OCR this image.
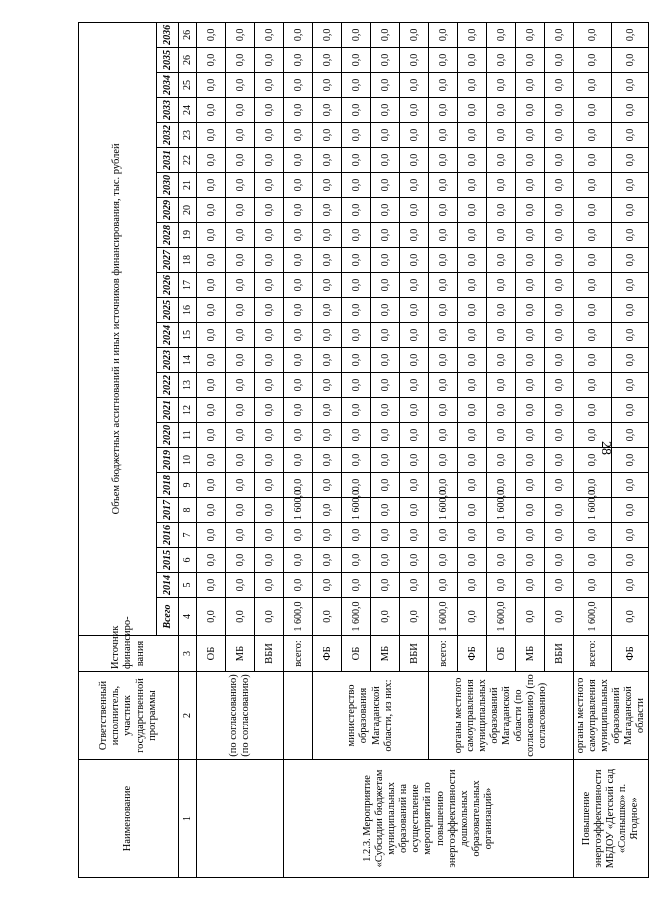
28
Наименование	Ответственный исполнитель, участник государственной программы	Источник финансиро-вания	Объем бюджетных ассигнований и иных источников финансирования, тыс. рублей																							
			Всего	2014	2015	2016	2017	2018	2019	2020	2021	2022	2023	2024	2025	2026	2027	2028	2029	2030	2031	2032	2033	2034	2035	2036
1	2	3	4	5	6	7	8	9	10	11	12	13	14	15	16	17	18	19	20	21	22	23	24	25	26	26
	(по согласованию) (по согласованию)	ОБ	0,0	0,0	0,0	0,0	0,0	0,0	0,0	0,0	0,0	0,0	0,0	0,0	0,0	0,0	0,0	0,0	0,0	0,0	0,0	0,0	0,0	0,0	0,0	0,0
		МБ	0,0	0,0	0,0	0,0	0,0	0,0	0,0	0,0	0,0	0,0	0,0	0,0	0,0	0,0	0,0	0,0	0,0	0,0	0,0	0,0	0,0	0,0	0,0	0,0
		ВБИ	0,0	0,0	0,0	0,0	0,0	0,0	0,0	0,0	0,0	0,0	0,0	0,0	0,0	0,0	0,0	0,0	0,0	0,0	0,0	0,0	0,0	0,0	0,0	0,0
1.2.3. Мероприятие «Субсидии бюджетам муниципальных образований на осуществление мероприятий по повышению энергоэффективности дошкольных образовательных организаций»		всего:	1 600,0	0,0	0,0	0,0	1 600,0	0,0	0,0	0,0	0,0	0,0	0,0	0,0	0,0	0,0	0,0	0,0	0,0	0,0	0,0	0,0	0,0	0,0	0,0	0,0
	министерство образования Магаданской области, из них:	ФБ	0,0	0,0	0,0	0,0	0,0	0,0	0,0	0,0	0,0	0,0	0,0	0,0	0,0	0,0	0,0	0,0	0,0	0,0	0,0	0,0	0,0	0,0	0,0	0,0
		ОБ	1 600,0	0,0	0,0	0,0	1 600,0	0,0	0,0	0,0	0,0	0,0	0,0	0,0	0,0	0,0	0,0	0,0	0,0	0,0	0,0	0,0	0,0	0,0	0,0	0,0
		МБ	0,0	0,0	0,0	0,0	0,0	0,0	0,0	0,0	0,0	0,0	0,0	0,0	0,0	0,0	0,0	0,0	0,0	0,0	0,0	0,0	0,0	0,0	0,0	0,0
		ВБИ	0,0	0,0	0,0	0,0	0,0	0,0	0,0	0,0	0,0	0,0	0,0	0,0	0,0	0,0	0,0	0,0	0,0	0,0	0,0	0,0	0,0	0,0	0,0	0,0
	органы местного самоуправления муниципальных образований Магаданской области (по согласованию) (по согласованию)	всего:	1 600,0	0,0	0,0	0,0	1 600,0	0,0	0,0	0,0	0,0	0,0	0,0	0,0	0,0	0,0	0,0	0,0	0,0	0,0	0,0	0,0	0,0	0,0	0,0	0,0
		ФБ	0,0	0,0	0,0	0,0	0,0	0,0	0,0	0,0	0,0	0,0	0,0	0,0	0,0	0,0	0,0	0,0	0,0	0,0	0,0	0,0	0,0	0,0	0,0	0,0
		ОБ	1 600,0	0,0	0,0	0,0	1 600,0	0,0	0,0	0,0	0,0	0,0	0,0	0,0	0,0	0,0	0,0	0,0	0,0	0,0	0,0	0,0	0,0	0,0	0,0	0,0
		МБ	0,0	0,0	0,0	0,0	0,0	0,0	0,0	0,0	0,0	0,0	0,0	0,0	0,0	0,0	0,0	0,0	0,0	0,0	0,0	0,0	0,0	0,0	0,0	0,0
		ВБИ	0,0	0,0	0,0	0,0	0,0	0,0	0,0	0,0	0,0	0,0	0,0	0,0	0,0	0,0	0,0	0,0	0,0	0,0	0,0	0,0	0,0	0,0	0,0	0,0
Повышение энергоэффективности МБДОУ «Детский сад «Солнышко» п. Ягодное»	органы местного самоуправления муниципальных образований Магаданской области	всего:	1 600,0	0,0	0,0	0,0	1 600,0	0,0	0,0	0,0	0,0	0,0	0,0	0,0	0,0	0,0	0,0	0,0	0,0	0,0	0,0	0,0	0,0	0,0	0,0	0,0
		ФБ	0,0	0,0	0,0	0,0	0,0	0,0	0,0	0,0	0,0	0,0	0,0	0,0	0,0	0,0	0,0	0,0	0,0	0,0	0,0	0,0	0,0	0,0	0,0	0,0
